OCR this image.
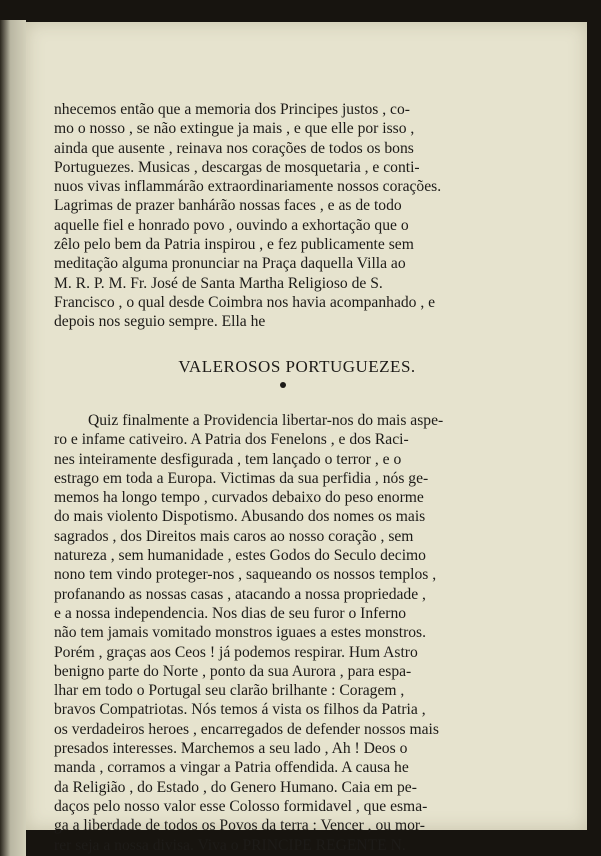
nhecemos então que a memoria dos Principes justos , co-
mo o nosso , se não extingue ja mais , e que elle por isso ,
ainda que ausente , reinava nos corações de todos os bons
Portuguezes. Musicas , descargas de mosquetaria , e conti-
nuos vivas inflammárão extraordinariamente nossos corações.
Lagrimas de prazer banhárão nossas faces , e as de todo
aquelle fiel e honrado povo , ouvindo a exhortação que o
zêlo pelo bem da Patria inspirou , e fez publicamente sem
meditação alguma pronunciar na Praça daquella Villa ao
M. R. P. M. Fr. José de Santa Martha Religioso de S.
Francisco , o qual desde Coimbra nos havia acompanhado , e
depois nos seguio sempre. Ella he
VALEROSOS PORTUGUEZES.
Quiz finalmente a Providencia libertar-nos do mais aspe-
ro e infame cativeiro. A Patria dos Fenelons , e dos Raci-
nes inteiramente desfigurada , tem lançado o terror , e o
estrago em toda a Europa. Victimas da sua perfidia , nós ge-
memos ha longo tempo , curvados debaixo do peso enorme
do mais violento Dispotismo. Abusando dos nomes os mais
sagrados , dos Direitos mais caros ao nosso coração , sem
natureza , sem humanidade , estes Godos do Seculo decimo
nono tem vindo proteger-nos , saqueando os nossos templos ,
profanando as nossas casas , atacando a nossa propriedade ,
e a nossa independencia. Nos dias de seu furor o Inferno
não tem jamais vomitado monstros iguaes a estes monstros.
Porém , graças aos Ceos ! já podemos respirar. Hum Astro
benigno parte do Norte , ponto da sua Aurora , para espa-
lhar em todo o Portugal seu clarão brilhante : Coragem ,
bravos Compatriotas. Nós temos á vista os filhos da Patria ,
os verdadeiros heroes , encarregados de defender nossos mais
presados interesses. Marchemos a seu lado , Ah ! Deos o
manda , corramos a vingar a Patria offendida. A causa he
da Religião , do Estado , do Genero Humano. Caia em pe-
daços pelo nosso valor esse Colosso formidavel , que esma-
ga a liberdade de todos os Povos da terra : Vencer , ou mor-
rer seja a nossa divisa. Viva o PRINCIPE REGENTE N.
